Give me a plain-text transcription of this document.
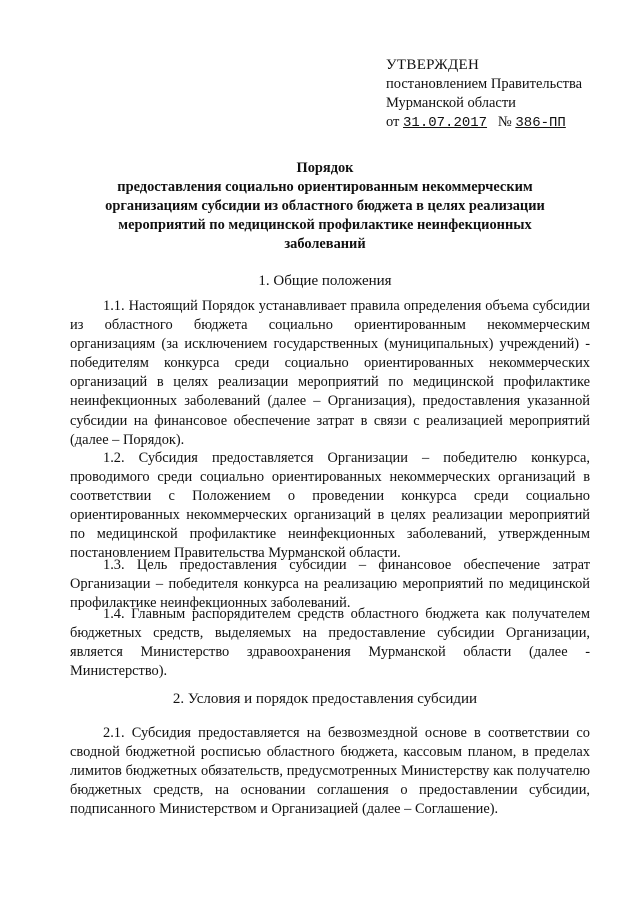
УТВЕРЖДЕН
постановлением Правительства
Мурманской области
от 31.07.2017 № 386-ПП
Порядок
предоставления социально ориентированным некоммерческим
организациям субсидии из областного бюджета в целях реализации
мероприятий по медицинской профилактике неинфекционных
заболеваний
1. Общие положения
1.1. Настоящий Порядок устанавливает правила определения объема субсидии из областного бюджета социально ориентированным некоммерческим организациям (за исключением государственных (муниципальных) учреждений) - победителям конкурса среди социально ориентированных некоммерческих организаций в целях реализации мероприятий по медицинской профилактике неинфекционных заболеваний (далее – Организация), предоставления указанной субсидии на финансовое обеспечение затрат в связи с реализацией мероприятий (далее – Порядок).
1.2. Субсидия предоставляется Организации – победителю конкурса, проводимого среди социально ориентированных некоммерческих организаций в соответствии с Положением о проведении конкурса среди социально ориентированных некоммерческих организаций в целях реализации мероприятий по медицинской профилактике неинфекционных заболеваний, утвержденным постановлением Правительства Мурманской области.
1.3. Цель предоставления субсидии – финансовое обеспечение затрат Организации – победителя конкурса на реализацию мероприятий по медицинской профилактике неинфекционных заболеваний.
1.4. Главным распорядителем средств областного бюджета как получателем бюджетных средств, выделяемых на предоставление субсидии Организации, является Министерство здравоохранения Мурманской области (далее - Министерство).
2. Условия и порядок предоставления субсидии
2.1. Субсидия предоставляется на безвозмездной основе в соответствии со сводной бюджетной росписью областного бюджета, кассовым планом, в пределах лимитов бюджетных обязательств, предусмотренных Министерству как получателю бюджетных средств, на основании соглашения о предоставлении субсидии, подписанного Министерством и Организацией (далее – Соглашение).
